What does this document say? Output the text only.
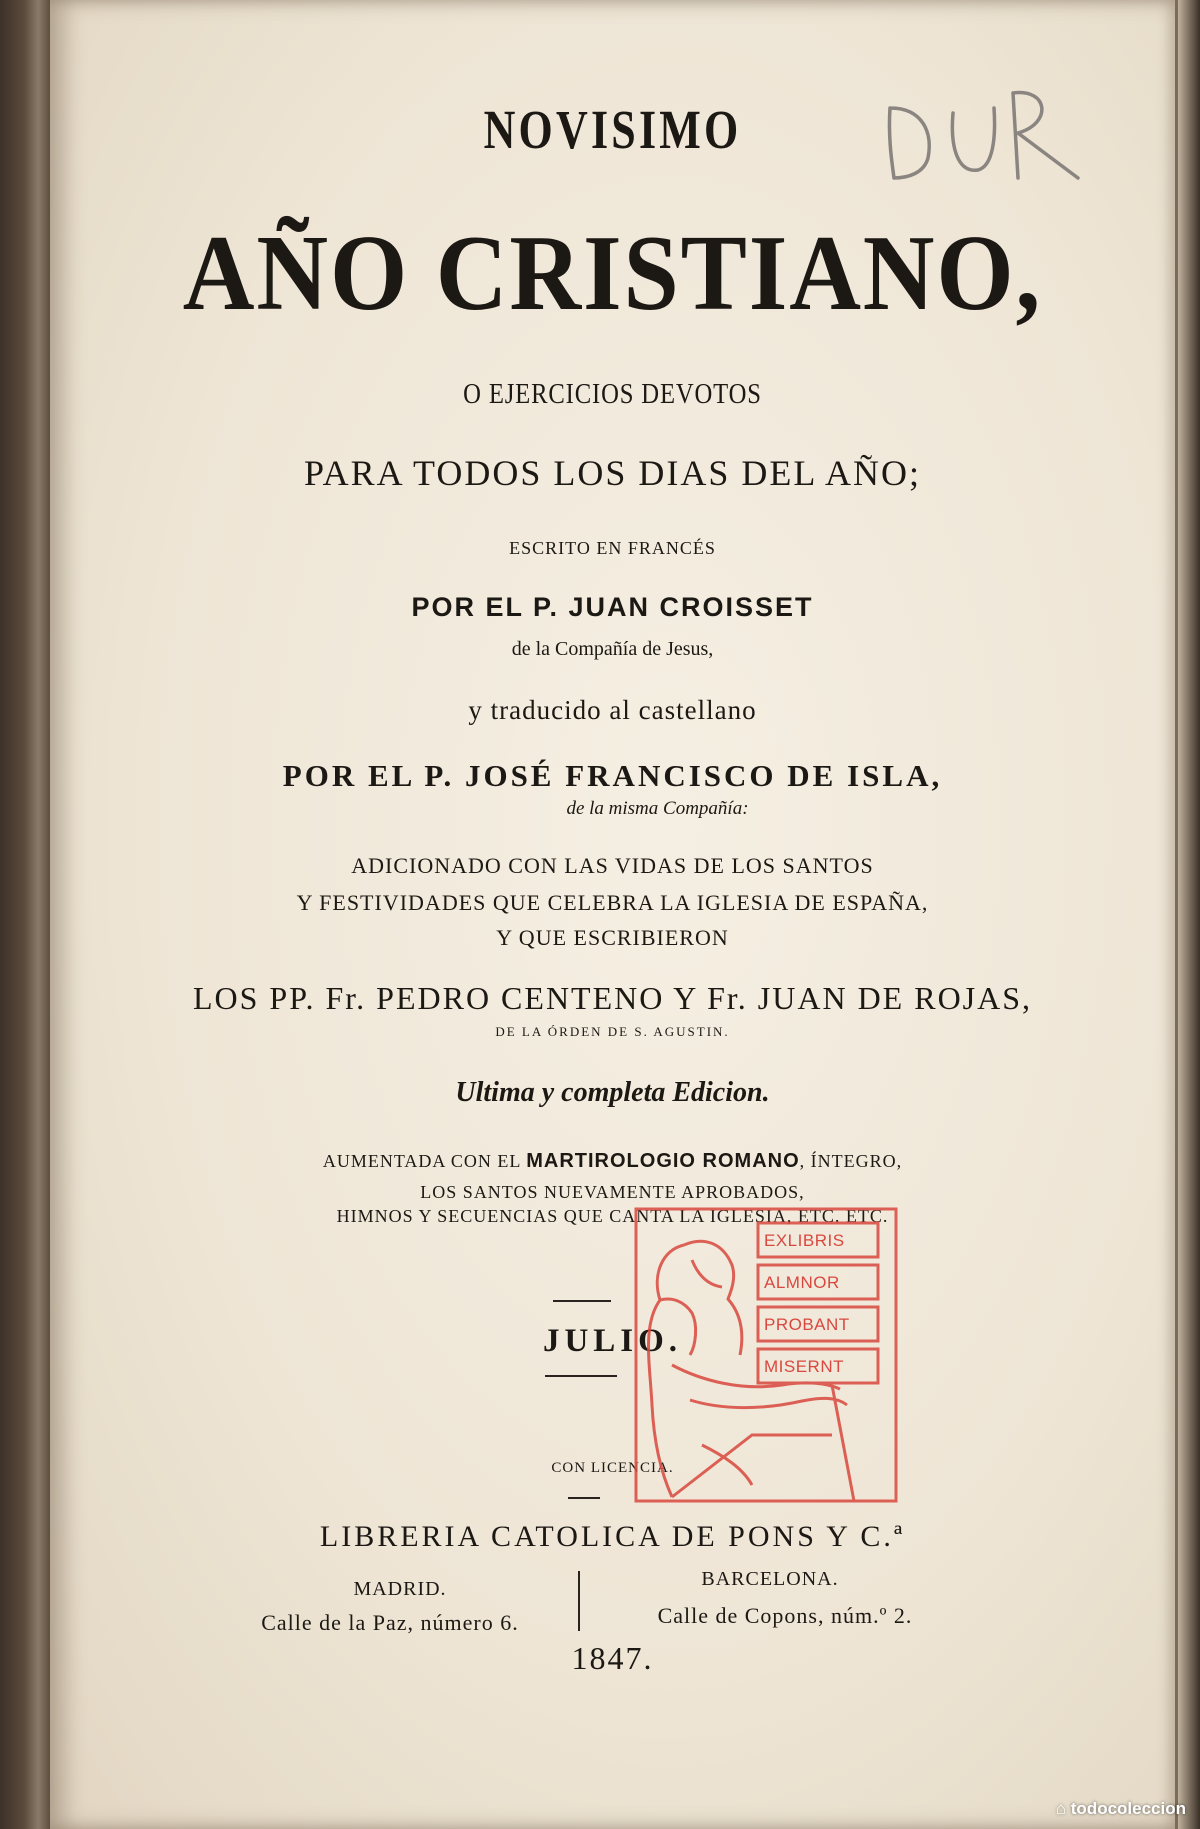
NOVISIMO

AÑO CRISTIANO,

O EJERCICIOS DEVOTOS

PARA TODOS LOS DIAS DEL AÑO;

ESCRITO EN FRANCÉS

POR EL P. JUAN CROISSET

de la Compañía de Jesus,

y traducido al castellano

POR EL P. JOSÉ FRANCISCO DE ISLA,

de la misma Compañía:

ADICIONADO CON LAS VIDAS DE LOS SANTOS

Y FESTIVIDADES QUE CELEBRA LA IGLESIA DE ESPAÑA,

Y QUE ESCRIBIERON

LOS PP. Fr. PEDRO CENTENO Y Fr. JUAN DE ROJAS,

DE LA ÓRDEN DE S. AGUSTIN.

Ultima y completa Edicion.

AUMENTADA CON EL MARTIROLOGIO ROMANO, ÍNTEGRO,

LOS SANTOS NUEVAMENTE APROBADOS,

HIMNOS Y SECUENCIAS QUE CANTA LA IGLESIA, ETC. ETC.

JULIO.

CON LICENCIA.

LIBRERIA CATOLICA DE PONS Y C.ª

MADRID.

Calle de la Paz, número 6.

BARCELONA.

Calle de Copons, núm.º 2.

1847.

EXLIBRIS
ALMNOR
PROBANT
MISERNT
⌂ todocoleccion
